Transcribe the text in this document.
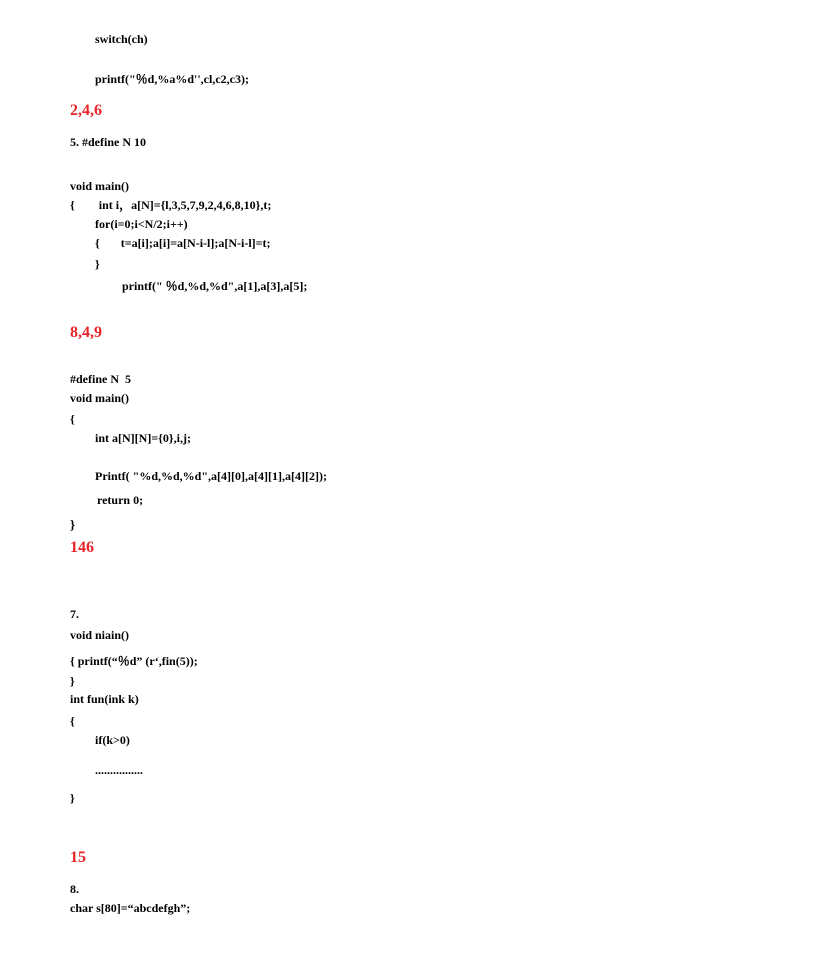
switch(ch)
printf("％d,%a%d'',cl,c2,c3);
2,4,6
5. #define N 10
void main()
{        int i，a[N]={l,3,5,7,9,2,4,6,8,10},t;
for(i=0;i<N/2;i++)
{       t=a[i];a[i]=a[N-i-l];a[N-i-l]=t;
}
printf(" ％d,%d,%d",a[1],a[3],a[5];
8,4,9
#define N  5
void main()
{
int a[N][N]={0},i,j;
Printf( "%d,%d,%d",a[4][0],a[4][1],a[4][2]);
return 0;
}
146
7.
void niain()
{ printf(“％d” (r‘,fin(5));
}
int fun(ink k)
{
if(k>0)
................
}
15
8.
char s[80]=“abcdefgh”;
